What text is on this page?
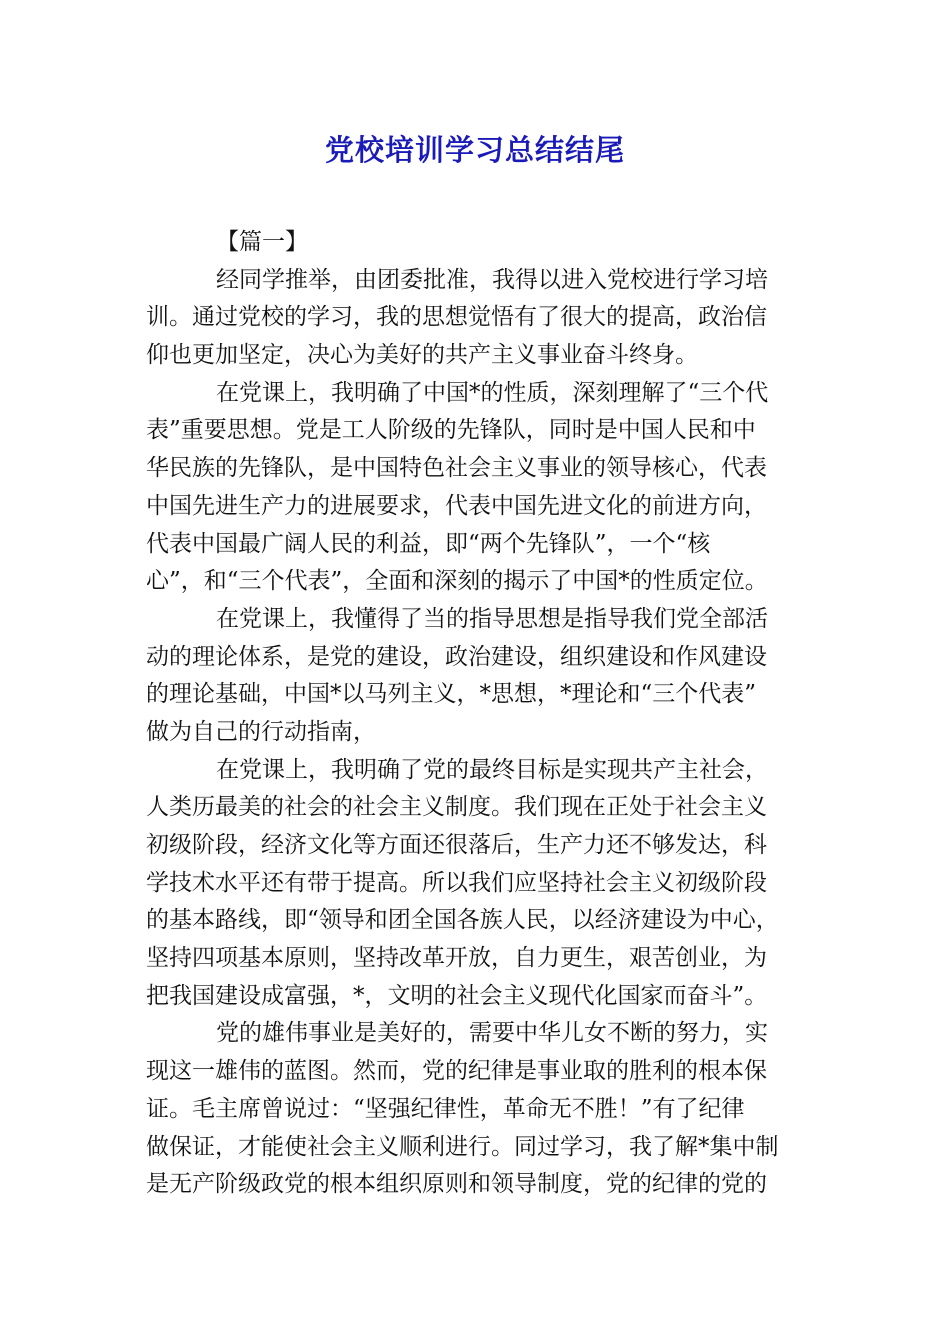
党校培训学习总结结尾
【篇一】
经同学推举，由团委批准，我得以进入党校进行学习培
训。通过党校的学习，我的思想觉悟有了很大的提高，政治信
仰也更加坚定，决心为美好的共产主义事业奋斗终身。
在党课上，我明确了中国*的性质，深刻理解了“三个代
表”重要思想。党是工人阶级的先锋队，同时是中国人民和中
华民族的先锋队，是中国特色社会主义事业的领导核心，代表
中国先进生产力的进展要求，代表中国先进文化的前进方向，
代表中国最广阔人民的利益，即“两个先锋队”，一个“核
心”，和“三个代表”，全面和深刻的揭示了中国*的性质定位。
在党课上，我懂得了当的指导思想是指导我们党全部活
动的理论体系，是党的建设，政治建设，组织建设和作风建设
的理论基础，中国*以马列主义，*思想，*理论和“三个代表”
做为自己的行动指南，
在党课上，我明确了党的最终目标是实现共产主社会，
人类历最美的社会的社会主义制度。我们现在正处于社会主义
初级阶段，经济文化等方面还很落后，生产力还不够发达，科
学技术水平还有带于提高。所以我们应坚持社会主义初级阶段
的基本路线，即“领导和团全国各族人民，以经济建设为中心，
坚持四项基本原则，坚持改革开放，自力更生，艰苦创业，为
把我国建设成富强，*，文明的社会主义现代化国家而奋斗”。
党的雄伟事业是美好的，需要中华儿女不断的努力，实
现这一雄伟的蓝图。然而，党的纪律是事业取的胜利的根本保
证。毛主席曾说过：“坚强纪律性，革命无不胜！”有了纪律
做保证，才能使社会主义顺利进行。同过学习，我了解*集中制
是无产阶级政党的根本组织原则和领导制度，党的纪律的党的
